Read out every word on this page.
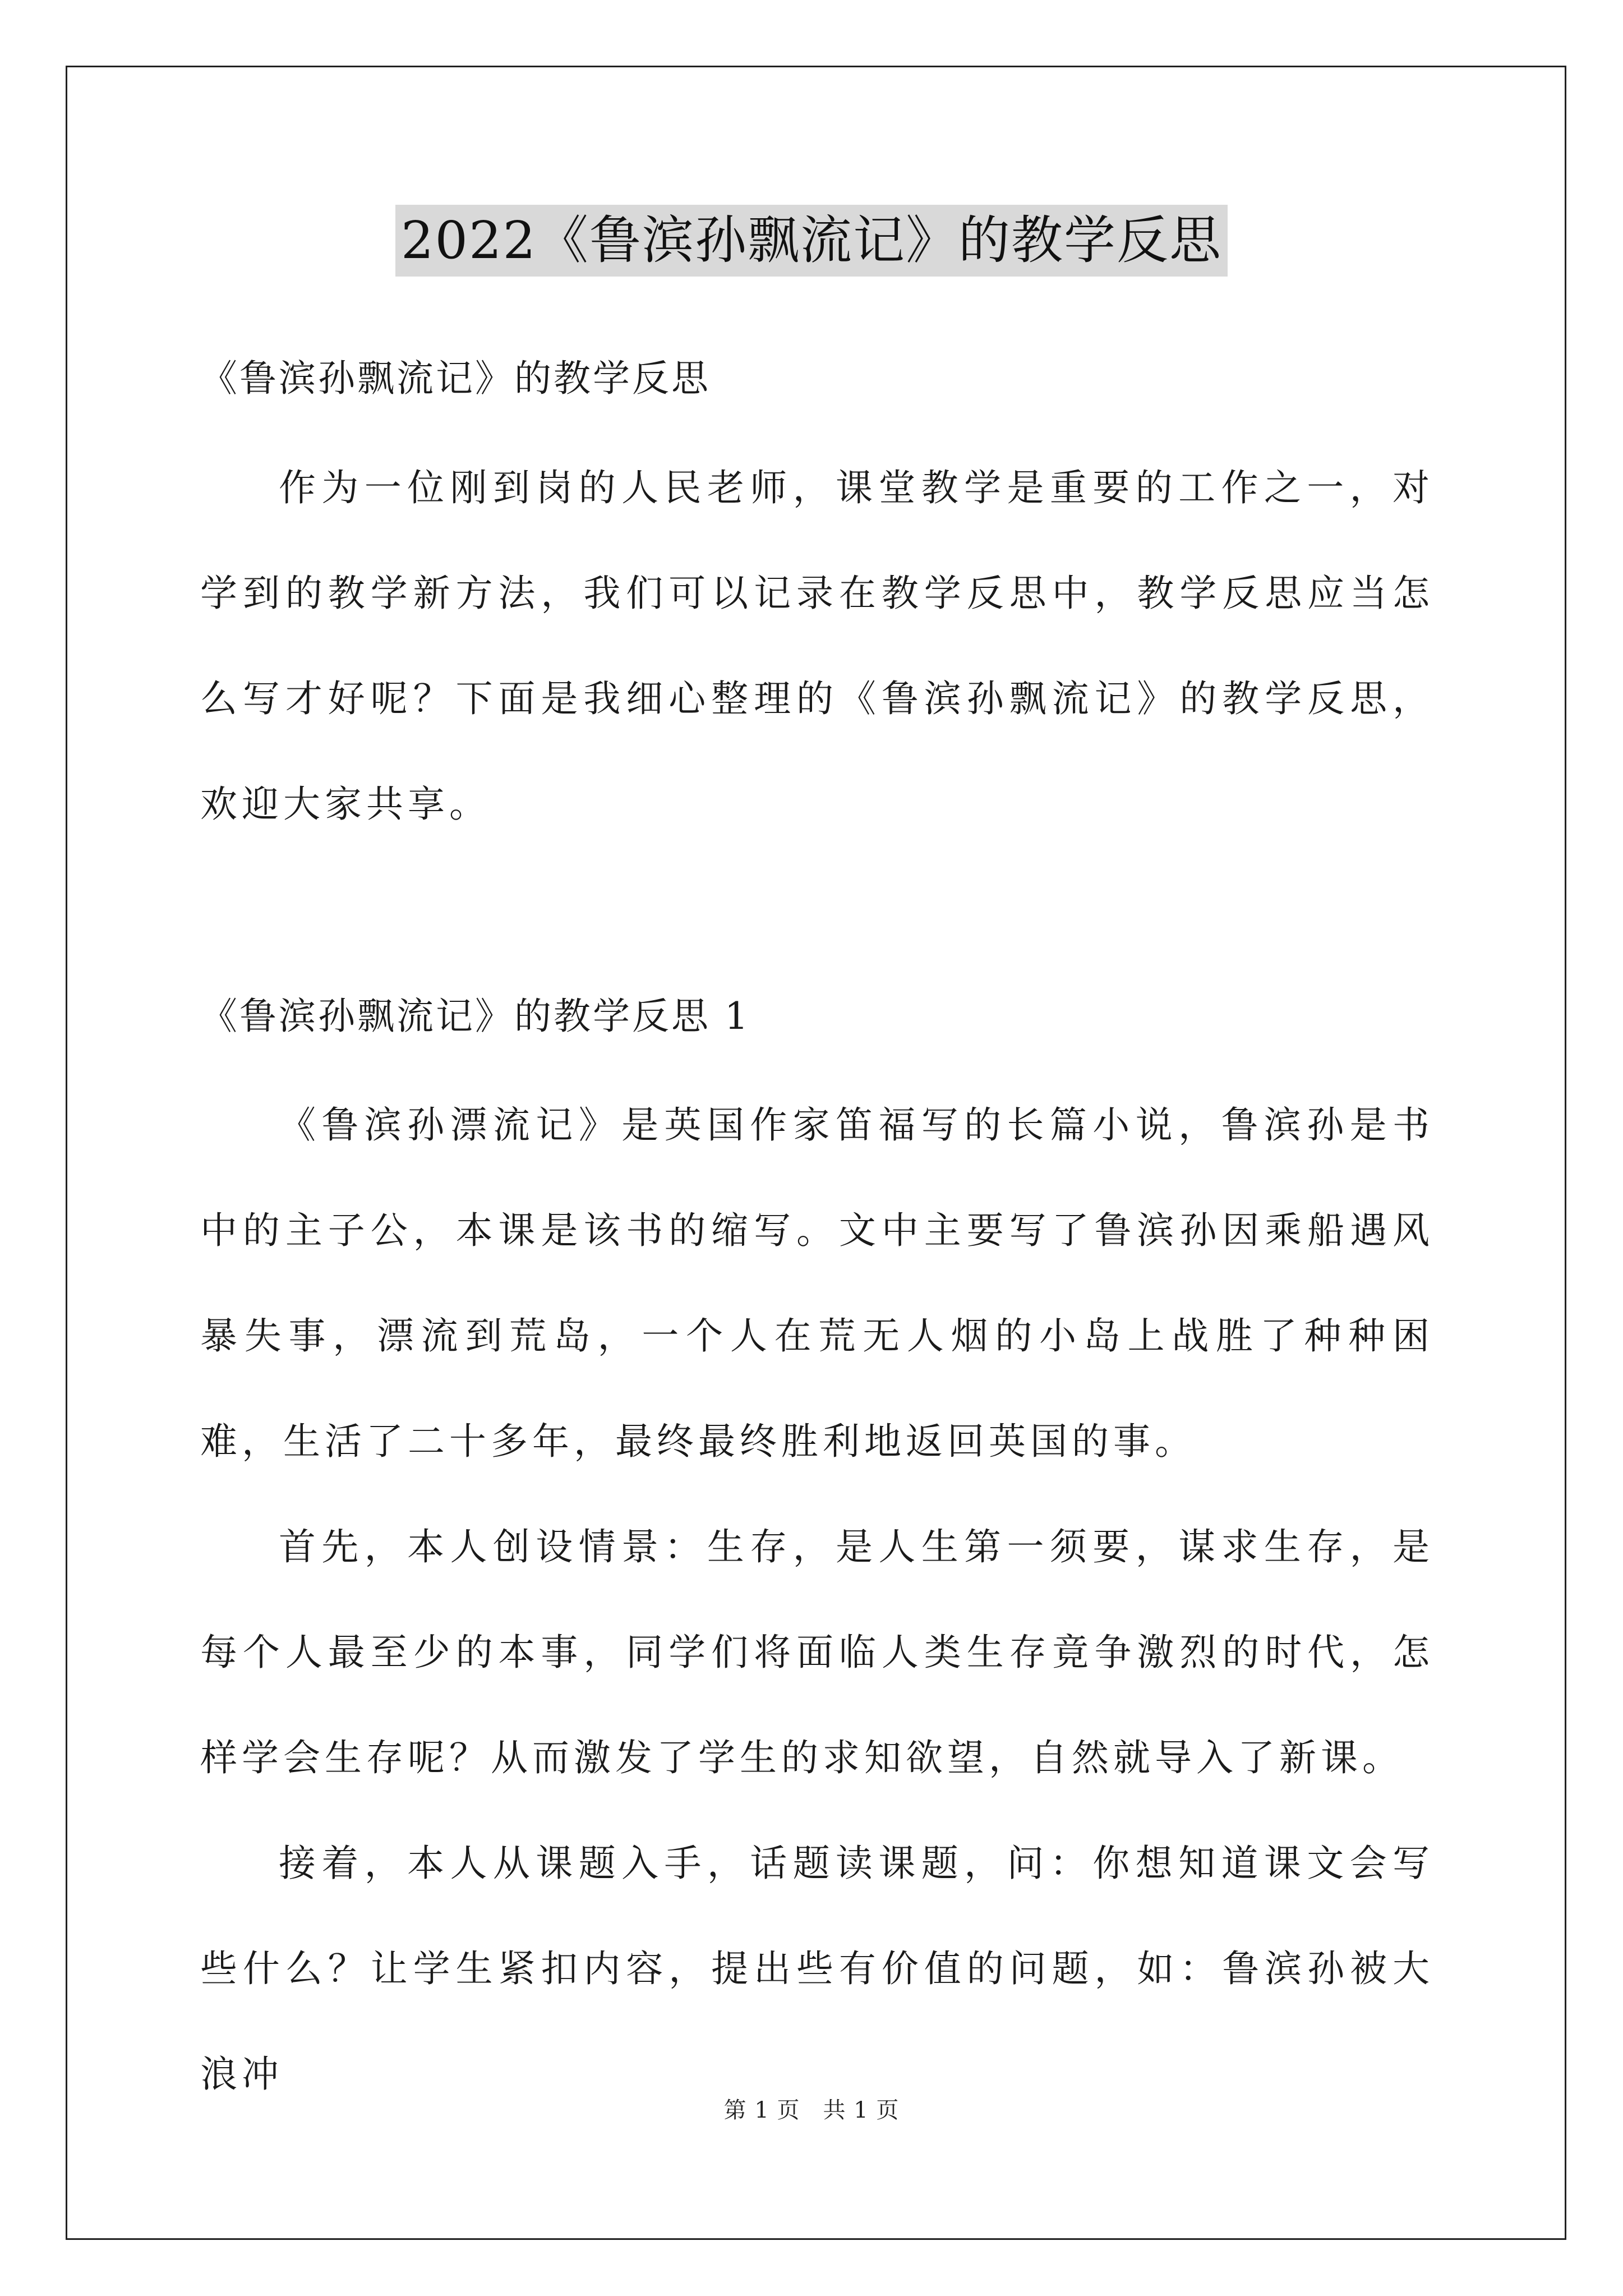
2022《鲁滨孙飘流记》的教学反思
《鲁滨孙飘流记》的教学反思
作为一位刚到岗的人民老师，课堂教学是重要的工作之一，对学到的教学新方法，我们可以记录在教学反思中，教学反思应当怎么写才好呢？下面是我细心整理的《鲁滨孙飘流记》的教学反思，欢迎大家共享。
《鲁滨孙飘流记》的教学反思 1
《鲁滨孙漂流记》是英国作家笛福写的长篇小说，鲁滨孙是书中的主子公，本课是该书的缩写。文中主要写了鲁滨孙因乘船遇风暴失事，漂流到荒岛，一个人在荒无人烟的小岛上战胜了种种困难，生活了二十多年，最终最终胜利地返回英国的事。
首先，本人创设情景：生存，是人生第一须要，谋求生存，是每个人最至少的本事，同学们将面临人类生存竟争激烈的时代，怎样学会生存呢？从而激发了学生的求知欲望，自然就导入了新课。
接着，本人从课题入手，话题读课题，问：你想知道课文会写些什么？让学生紧扣内容，提出些有价值的问题，如：鲁滨孙被大浪冲
第 1 页　共 1 页
